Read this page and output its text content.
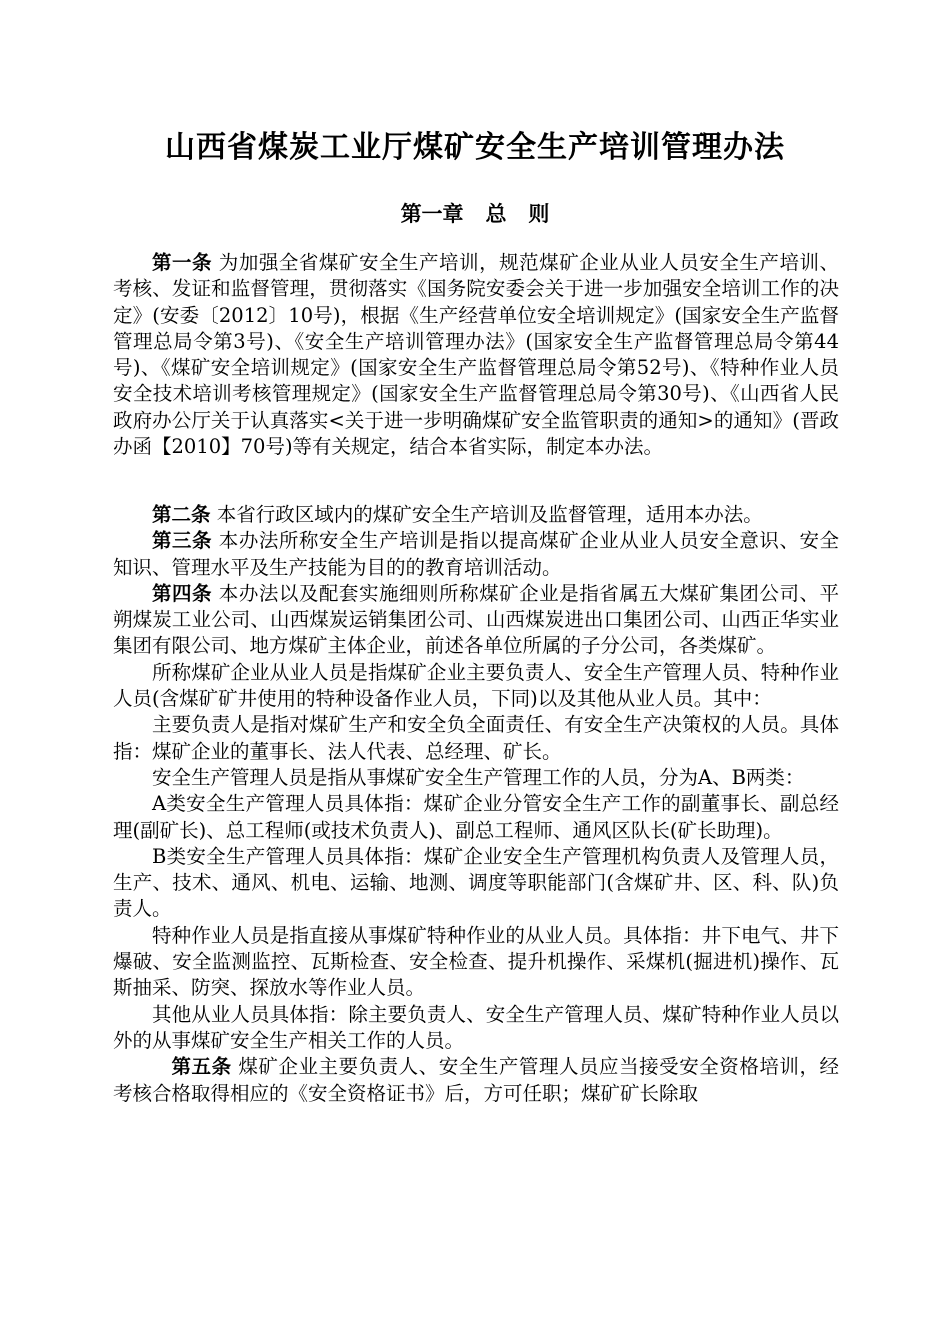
山西省煤炭工业厅煤矿安全生产培训管理办法
第一章   总   则

第一条 为加强全省煤矿安全生产培训，规范煤矿企业从业人员安全生产培训、考核、发证和监督管理，贯彻落实《国务院安委会关于进一步加强安全培训工作的决定》(安委〔2012〕10号)，根据《生产经营单位安全培训规定》(国家安全生产监督管理总局令第3号)、《安全生产培训管理办法》(国家安全生产监督管理总局令第44号)、《煤矿安全培训规定》(国家安全生产监督管理总局令第52号)、《特种作业人员安全技术培训考核管理规定》(国家安全生产监督管理总局令第30号)、《山西省人民政府办公厅关于认真落实<关于进一步明确煤矿安全监管职责的通知>的通知》(晋政办函【2010】70号)等有关规定，结合本省实际，制定本办法。

第二条 本省行政区域内的煤矿安全生产培训及监督管理，适用本办法。

第三条 本办法所称安全生产培训是指以提高煤矿企业从业人员安全意识、安全知识、管理水平及生产技能为目的的教育培训活动。

第四条 本办法以及配套实施细则所称煤矿企业是指省属五大煤矿集团公司、平朔煤炭工业公司、山西煤炭运销集团公司、山西煤炭进出口集团公司、山西正华实业集团有限公司、地方煤矿主体企业，前述各单位所属的子分公司，各类煤矿。

所称煤矿企业从业人员是指煤矿企业主要负责人、安全生产管理人员、特种作业人员(含煤矿矿井使用的特种设备作业人员，下同)以及其他从业人员。其中：

主要负责人是指对煤矿生产和安全负全面责任、有安全生产决策权的人员。具体指：煤矿企业的董事长、法人代表、总经理、矿长。

安全生产管理人员是指从事煤矿安全生产管理工作的人员，分为A、B两类：

A类安全生产管理人员具体指：煤矿企业分管安全生产工作的副董事长、副总经理(副矿长)、总工程师(或技术负责人)、副总工程师、通风区队长(矿长助理)。

B类安全生产管理人员具体指：煤矿企业安全生产管理机构负责人及管理人员，生产、技术、通风、机电、运输、地测、调度等职能部门(含煤矿井、区、科、队)负责人。

特种作业人员是指直接从事煤矿特种作业的从业人员。具体指：井下电气、井下爆破、安全监测监控、瓦斯检查、安全检查、提升机操作、采煤机(掘进机)操作、瓦斯抽采、防突、探放水等作业人员。

其他从业人员具体指：除主要负责人、安全生产管理人员、煤矿特种作业人员以外的从事煤矿安全生产相关工作的人员。

第五条 煤矿企业主要负责人、安全生产管理人员应当接受安全资格培训，经考核合格取得相应的《安全资格证书》后，方可任职；煤矿矿长除取
